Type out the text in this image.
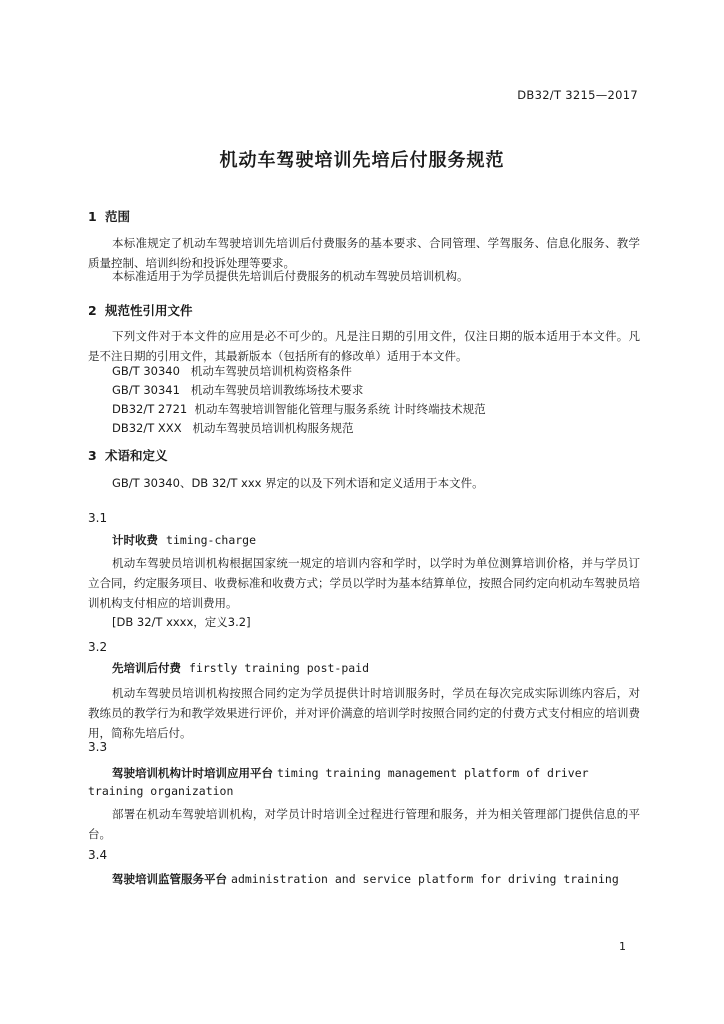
DB32/T 3215—2017
机动车驾驶培训先培后付服务规范
1 范围
本标准规定了机动车驾驶培训先培训后付费服务的基本要求、合同管理、学驾服务、信息化服务、教学质量控制、培训纠纷和投诉处理等要求。
本标准适用于为学员提供先培训后付费服务的机动车驾驶员培训机构。
2 规范性引用文件
下列文件对于本文件的应用是必不可少的。凡是注日期的引用文件，仅注日期的版本适用于本文件。凡是不注日期的引用文件，其最新版本（包括所有的修改单）适用于本文件。
GB/T 30340   机动车驾驶员培训机构资格条件
GB/T 30341   机动车驾驶员培训教练场技术要求
DB32/T 2721  机动车驾驶培训智能化管理与服务系统 计时终端技术规范
DB32/T XXX   机动车驾驶员培训机构服务规范
3 术语和定义
GB/T 30340、DB 32/T xxx 界定的以及下列术语和定义适用于本文件。
3.1
计时收费 timing-charge
机动车驾驶员培训机构根据国家统一规定的培训内容和学时，以学时为单位测算培训价格，并与学员订立合同，约定服务项目、收费标准和收费方式；学员以学时为基本结算单位，按照合同约定向机动车驾驶员培训机构支付相应的培训费用。
[DB 32/T xxxx，定义3.2]
3.2
先培训后付费 firstly training post-paid
机动车驾驶员培训机构按照合同约定为学员提供计时培训服务时，学员在每次完成实际训练内容后，对教练员的教学行为和教学效果进行评价，并对评价满意的培训学时按照合同约定的付费方式支付相应的培训费用，简称先培后付。
3.3
驾驶培训机构计时培训应用平台 timing training management platform of driver training organization
部署在机动车驾驶培训机构，对学员计时培训全过程进行管理和服务，并为相关管理部门提供信息的平台。
3.4
驾驶培训监管服务平台 administration and service platform for driving training
1
